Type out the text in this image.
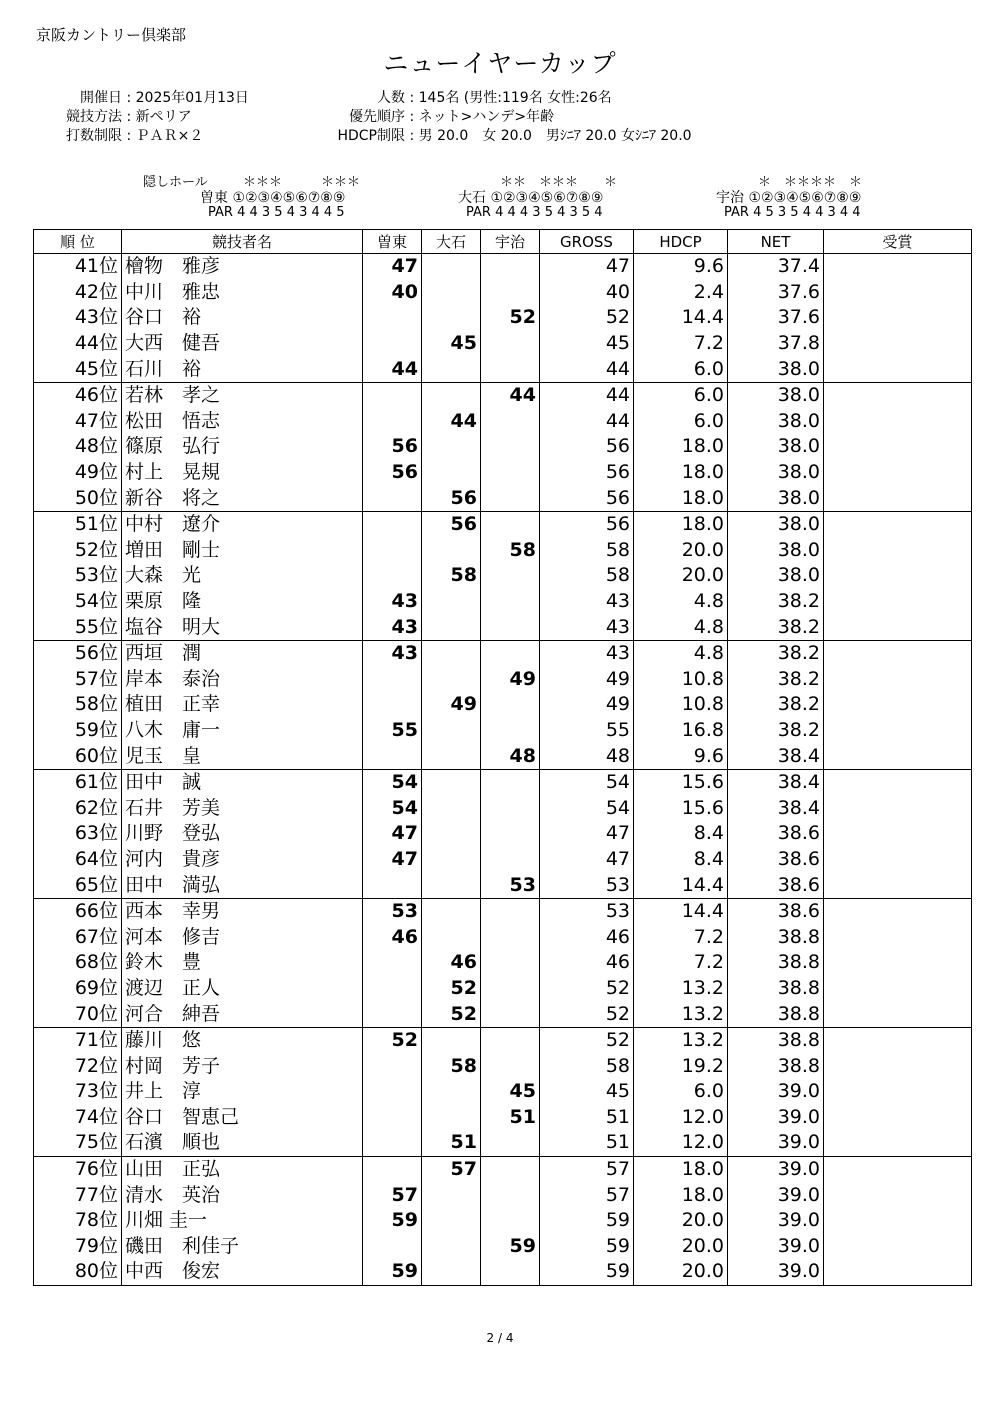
京阪カントリー倶楽部
ニューイヤーカップ
開催日 : 2025年01月13日
競技方法 : 新ペリア
打数制限 : ＰＡＲ×２
人数 : 145名 (男性:119名 女性:26名
優先順序 : ネット>ハンデ>年齢
HDCP制限 : 男 20.0　女 20.0　男ｼﾆｱ 20.0 女ｼﾆｱ 20.0
隠しホール	＊＊＊　　　＊＊＊
曽東 ①②③④⑤⑥⑦⑧⑨
PAR 4 4 3 5 4 3 4 4 5
＊＊　＊＊＊　　＊
大石 ①②③④⑤⑥⑦⑧⑨
PAR 4 4 4 3 5 4 3 5 4
＊　＊＊＊＊　＊
宇治 ①②③④⑤⑥⑦⑧⑨
PAR 4 5 3 5 4 4 3 4 4
順 位	競技者名	曽東	大石	宇治	GROSS	HDCP	NET	受賞
41位	檜物　雅彦	47			47	9.6	37.4	
42位	中川　雅忠	40			40	2.4	37.6	
43位	谷口　裕			52	52	14.4	37.6	
44位	大西　健吾		45		45	7.2	37.8	
45位	石川　裕	44			44	6.0	38.0	
46位	若林　孝之			44	44	6.0	38.0	
47位	松田　悟志		44		44	6.0	38.0	
48位	篠原　弘行	56			56	18.0	38.0	
49位	村上　晃規	56			56	18.0	38.0	
50位	新谷　将之		56		56	18.0	38.0	
51位	中村　遼介		56		56	18.0	38.0	
52位	増田　剛士			58	58	20.0	38.0	
53位	大森　光		58		58	20.0	38.0	
54位	栗原　隆	43			43	4.8	38.2	
55位	塩谷　明大	43			43	4.8	38.2	
56位	西垣　潤	43			43	4.8	38.2	
57位	岸本　泰治			49	49	10.8	38.2	
58位	植田　正幸		49		49	10.8	38.2	
59位	八木　庸一	55			55	16.8	38.2	
60位	児玉　皇			48	48	9.6	38.4	
61位	田中　誠	54			54	15.6	38.4	
62位	石井　芳美	54			54	15.6	38.4	
63位	川野　登弘	47			47	8.4	38.6	
64位	河内　貴彦	47			47	8.4	38.6	
65位	田中　満弘			53	53	14.4	38.6	
66位	西本　幸男	53			53	14.4	38.6	
67位	河本　修吉	46			46	7.2	38.8	
68位	鈴木　豊		46		46	7.2	38.8	
69位	渡辺　正人		52		52	13.2	38.8	
70位	河合　紳吾		52		52	13.2	38.8	
71位	藤川　悠	52			52	13.2	38.8	
72位	村岡　芳子		58		58	19.2	38.8	
73位	井上　淳			45	45	6.0	39.0	
74位	谷口　智恵己			51	51	12.0	39.0	
75位	石濱　順也		51		51	12.0	39.0	
76位	山田　正弘		57		57	18.0	39.0	
77位	清水　英治	57			57	18.0	39.0	
78位	川畑 圭一	59			59	20.0	39.0	
79位	磯田　利佳子			59	59	20.0	39.0	
80位	中西　俊宏	59			59	20.0	39.0	
2 / 4
